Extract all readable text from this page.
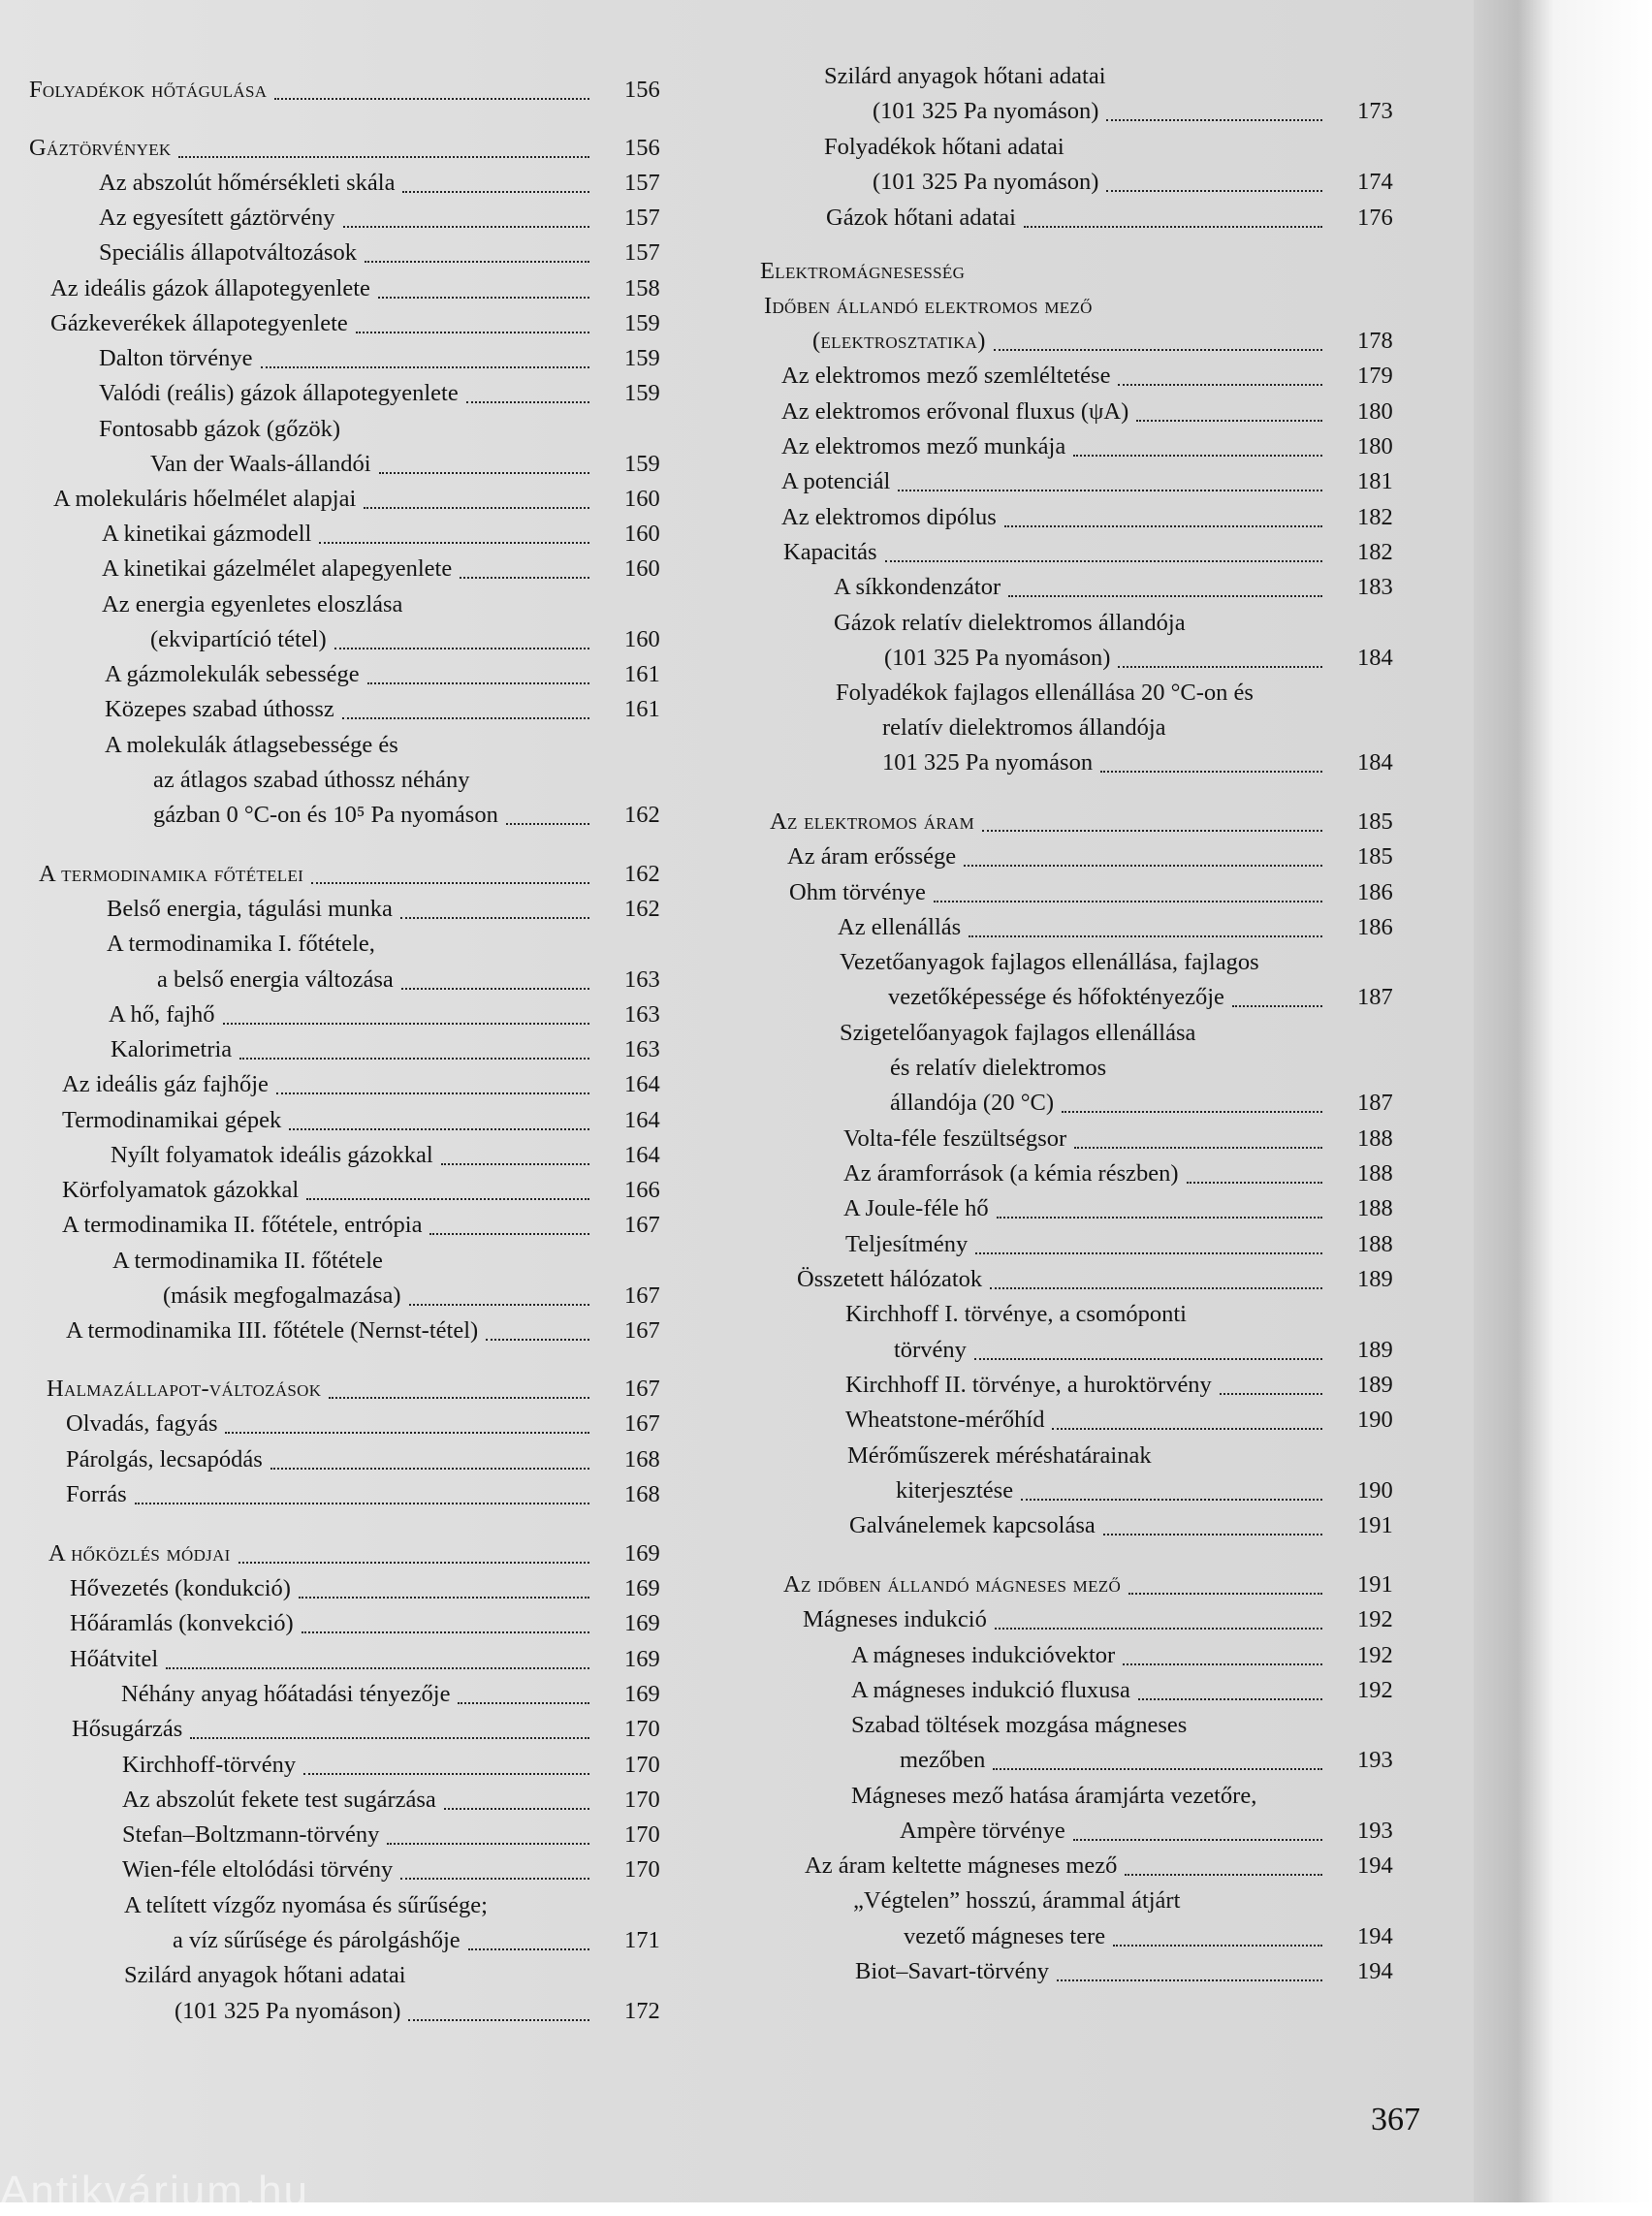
Folyadékok hőtágulása	156
Gáztörvények	156
Az abszolút hőmérsékleti skála	157
Az egyesített gáztörvény	157
Speciális állapotváltozások	157
Az ideális gázok állapotegyenlete	158
Gázkeverékek állapotegyenlete	159
Dalton törvénye	159
Valódi (reális) gázok állapotegyenlete	159
Fontosabb gázok (gőzök)
Van der Waals-állandói	159
A molekuláris hőelmélet alapjai	160
A kinetikai gázmodell	160
A kinetikai gázelmélet alapegyenlete	160
Az energia egyenletes eloszlása
(ekvipartíció tétel)	160
A gázmolekulák sebessége	161
Közepes szabad úthossz	161
A molekulák átlagsebessége és
az átlagos szabad úthossz néhány
gázban 0 °C-on és 10⁵ Pa nyomáson	162
A termodinamika főtételei	162
Belső energia, tágulási munka	162
A termodinamika I. főtétele,
a belső energia változása	163
A hő, fajhő	163
Kalorimetria	163
Az ideális gáz fajhője	164
Termodinamikai gépek	164
Nyílt folyamatok ideális gázokkal	164
Körfolyamatok gázokkal	166
A termodinamika II. főtétele, entrópia	167
A termodinamika II. főtétele
(másik megfogalmazása)	167
A termodinamika III. főtétele (Nernst-tétel)	167
Halmazállapot-változások	167
Olvadás, fagyás	167
Párolgás, lecsapódás	168
Forrás	168
A hőközlés módjai	169
Hővezetés (kondukció)	169
Hőáramlás (konvekció)	169
Hőátvitel	169
Néhány anyag hőátadási tényezője	169
Hősugárzás	170
Kirchhoff-törvény	170
Az abszolút fekete test sugárzása	170
Stefan–Boltzmann-törvény	170
Wien-féle eltolódási törvény	170
A telített vízgőz nyomása és sűrűsége;
a víz sűrűsége és párolgáshője	171
Szilárd anyagok hőtani adatai
(101 325 Pa nyomáson)	172
Szilárd anyagok hőtani adatai
(101 325 Pa nyomáson)	173
Folyadékok hőtani adatai
(101 325 Pa nyomáson)	174
Gázok hőtani adatai	176
Elektromágnesesség
Időben állandó elektromos mező
(elektrosztatika)	178
Az elektromos mező szemléltetése	179
Az elektromos erővonal fluxus (ψA)	180
Az elektromos mező munkája	180
A potenciál	181
Az elektromos dipólus	182
Kapacitás	182
A síkkondenzátor	183
Gázok relatív dielektromos állandója
(101 325 Pa nyomáson)	184
Folyadékok fajlagos ellenállása 20 °C-on és
relatív dielektromos állandója
101 325 Pa nyomáson	184
Az elektromos áram	185
Az áram erőssége	185
Ohm törvénye	186
Az ellenállás	186
Vezetőanyagok fajlagos ellenállása, fajlagos
vezetőképessége és hőfoktényezője	187
Szigetelőanyagok fajlagos ellenállása
és relatív dielektromos
állandója (20 °C)	187
Volta-féle feszültségsor	188
Az áramforrások (a kémia részben)	188
A Joule-féle hő	188
Teljesítmény	188
Összetett hálózatok	189
Kirchhoff I. törvénye, a csomóponti
törvény	189
Kirchhoff II. törvénye, a huroktörvény	189
Wheatstone-mérőhíd	190
Mérőműszerek méréshatárainak
kiterjesztése	190
Galvánelemek kapcsolása	191
Az időben állandó mágneses mező	191
Mágneses indukció	192
A mágneses indukcióvektor	192
A mágneses indukció fluxusa	192
Szabad töltések mozgása mágneses
mezőben	193
Mágneses mező hatása áramjárta vezetőre,
Ampère törvénye	193
Az áram keltette mágneses mező	194
„Végtelen” hosszú, árammal átjárt
vezető mágneses tere	194
Biot–Savart-törvény	194
367
Antikvárium.hu
